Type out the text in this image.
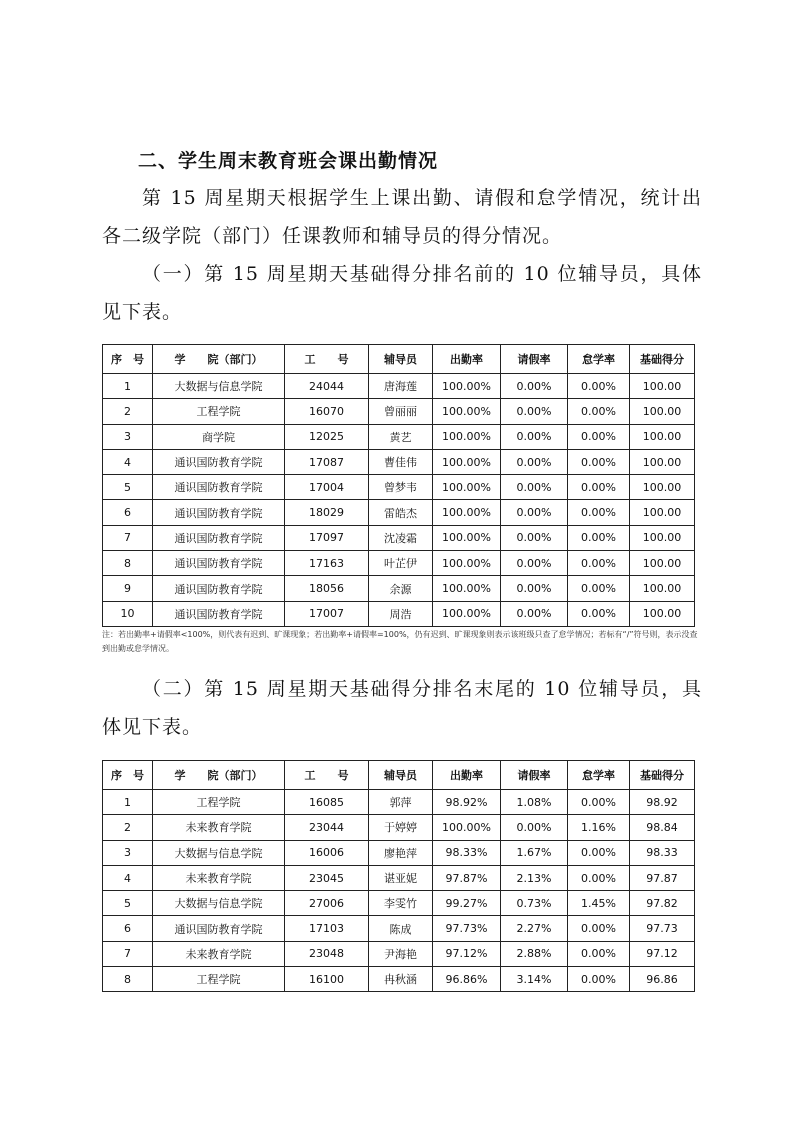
二、学生周末教育班会课出勤情况
第 15 周星期天根据学生上课出勤、请假和怠学情况，统计出各二级学院（部门）任课教师和辅导员的得分情况。
（一）第 15 周星期天基础得分排名前的 10 位辅导员，具体见下表。
序　号	学　　院（部门）	工　　号	辅导员	出勤率	请假率	怠学率	基础得分
1	大数据与信息学院	24044	唐海莲	100.00%	0.00%	0.00%	100.00
2	工程学院	16070	曾丽丽	100.00%	0.00%	0.00%	100.00
3	商学院	12025	黄艺	100.00%	0.00%	0.00%	100.00
4	通识国防教育学院	17087	曹佳伟	100.00%	0.00%	0.00%	100.00
5	通识国防教育学院	17004	曾梦韦	100.00%	0.00%	0.00%	100.00
6	通识国防教育学院	18029	雷皓杰	100.00%	0.00%	0.00%	100.00
7	通识国防教育学院	17097	沈凌霜	100.00%	0.00%	0.00%	100.00
8	通识国防教育学院	17163	叶芷伊	100.00%	0.00%	0.00%	100.00
9	通识国防教育学院	18056	余源	100.00%	0.00%	0.00%	100.00
10	通识国防教育学院	17007	周浩	100.00%	0.00%	0.00%	100.00
注：若出勤率+请假率<100%，则代表有迟到、旷课现象；若出勤率+请假率=100%，仍有迟到、旷课现象则表示该班级只查了怠学情况；若标有“/”符号则，表示没查到出勤或怠学情况。
（二）第 15 周星期天基础得分排名末尾的 10 位辅导员，具体见下表。
序　号	学　　院（部门）	工　　号	辅导员	出勤率	请假率	怠学率	基础得分
1	工程学院	16085	郭萍	98.92%	1.08%	0.00%	98.92
2	未来教育学院	23044	于婷婷	100.00%	0.00%	1.16%	98.84
3	大数据与信息学院	16006	廖艳萍	98.33%	1.67%	0.00%	98.33
4	未来教育学院	23045	谌亚妮	97.87%	2.13%	0.00%	97.87
5	大数据与信息学院	27006	李雯竹	99.27%	0.73%	1.45%	97.82
6	通识国防教育学院	17103	陈成	97.73%	2.27%	0.00%	97.73
7	未来教育学院	23048	尹海艳	97.12%	2.88%	0.00%	97.12
8	工程学院	16100	冉秋涵	96.86%	3.14%	0.00%	96.86
